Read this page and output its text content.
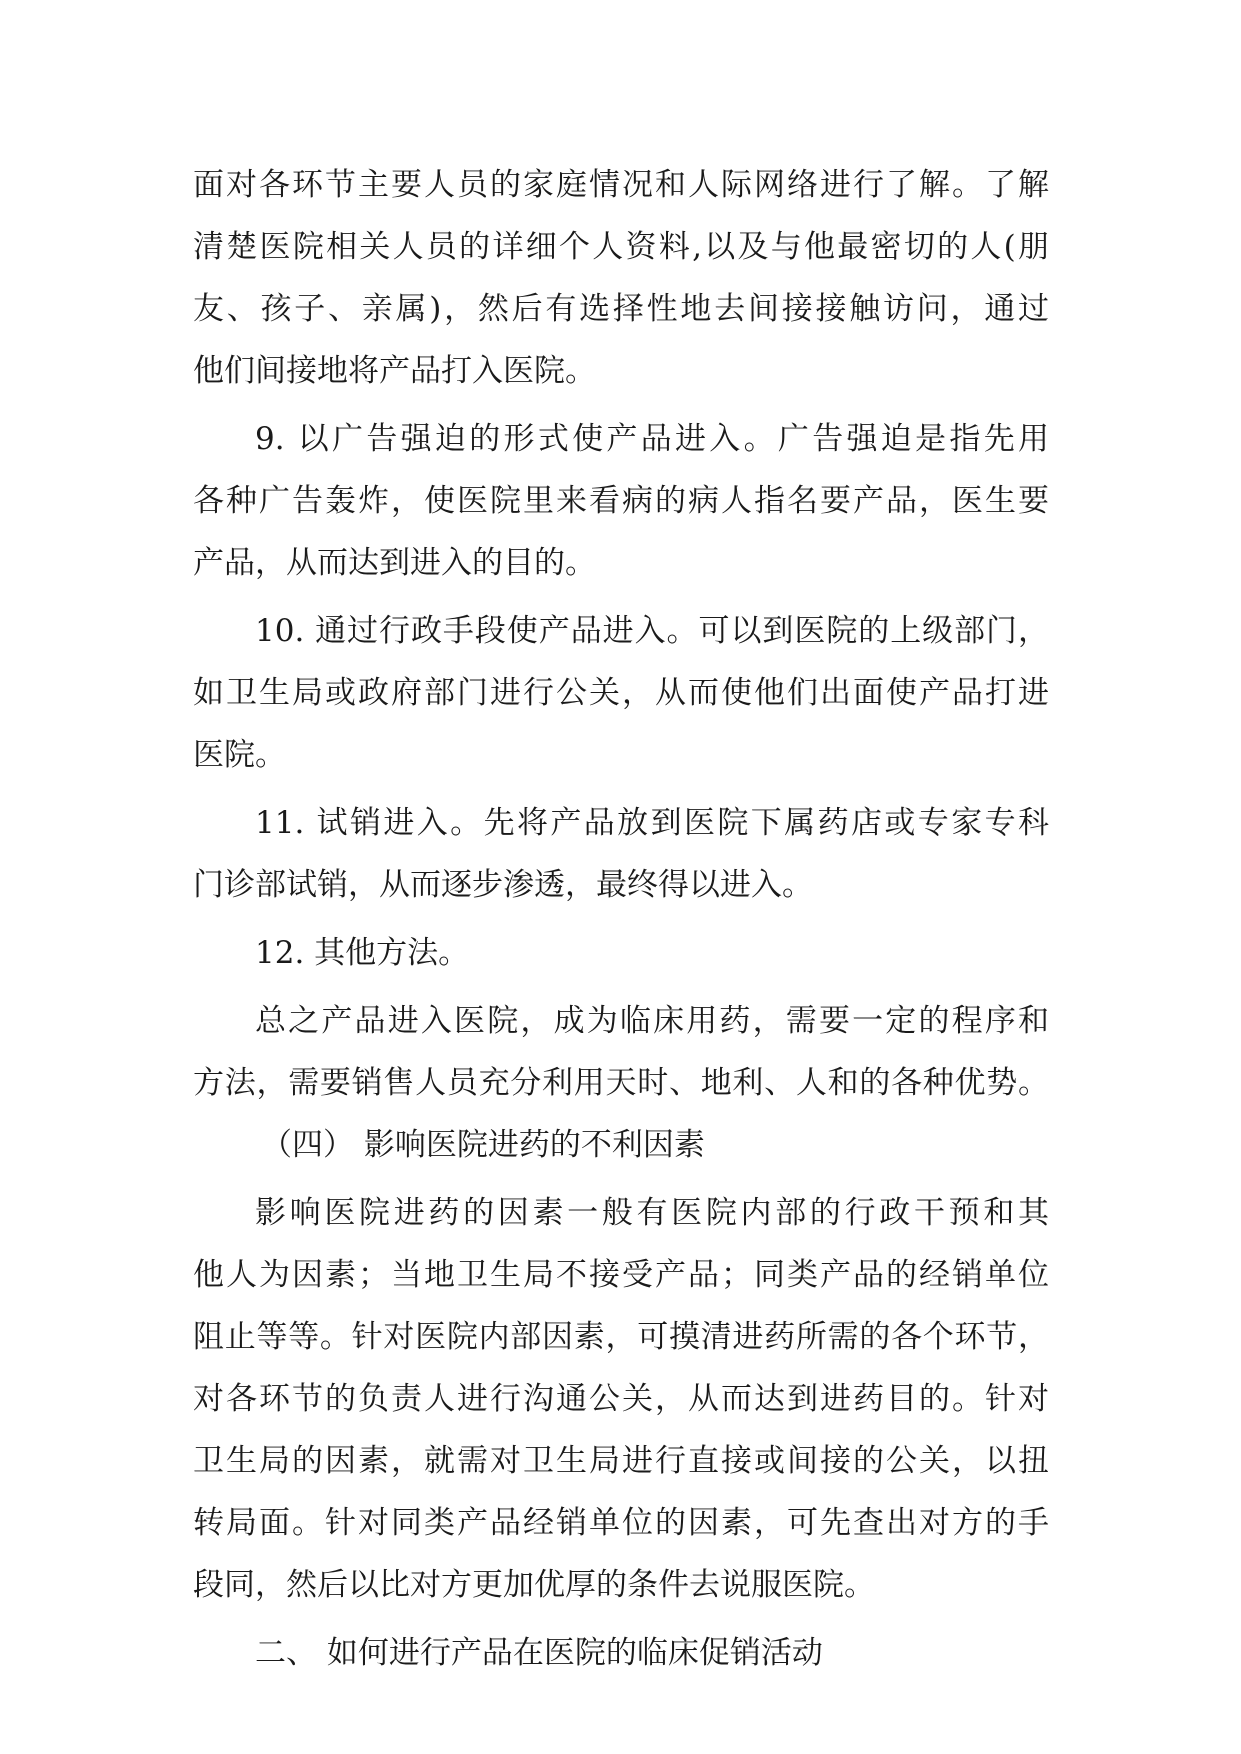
面对各环节主要人员的家庭情况和人际网络进行了解。了解
清楚医院相关人员的详细个人资料,以及与他最密切的人(朋
友、孩子、亲属)，然后有选择性地去间接接触访问，通过
他们间接地将产品打入医院。
9. 以广告强迫的形式使产品进入。广告强迫是指先用
各种广告轰炸，使医院里来看病的病人指名要产品，医生要
产品，从而达到进入的目的。
10. 通过行政手段使产品进入。可以到医院的上级部门，
如卫生局或政府部门进行公关，从而使他们出面使产品打进
医院。
11. 试销进入。先将产品放到医院下属药店或专家专科
门诊部试销，从而逐步渗透，最终得以进入。
12. 其他方法。
总之产品进入医院，成为临床用药，需要一定的程序和
方法，需要销售人员充分利用天时、地利、人和的各种优势。
（四） 影响医院进药的不利因素
影响医院进药的因素一般有医院内部的行政干预和其
他人为因素；当地卫生局不接受产品；同类产品的经销单位
阻止等等。针对医院内部因素，可摸清进药所需的各个环节，
对各环节的负责人进行沟通公关，从而达到进药目的。针对
卫生局的因素，就需对卫生局进行直接或间接的公关，以扭
转局面。针对同类产品经销单位的因素，可先查出对方的手
段同，然后以比对方更加优厚的条件去说服医院。
二、 如何进行产品在医院的临床促销活动
